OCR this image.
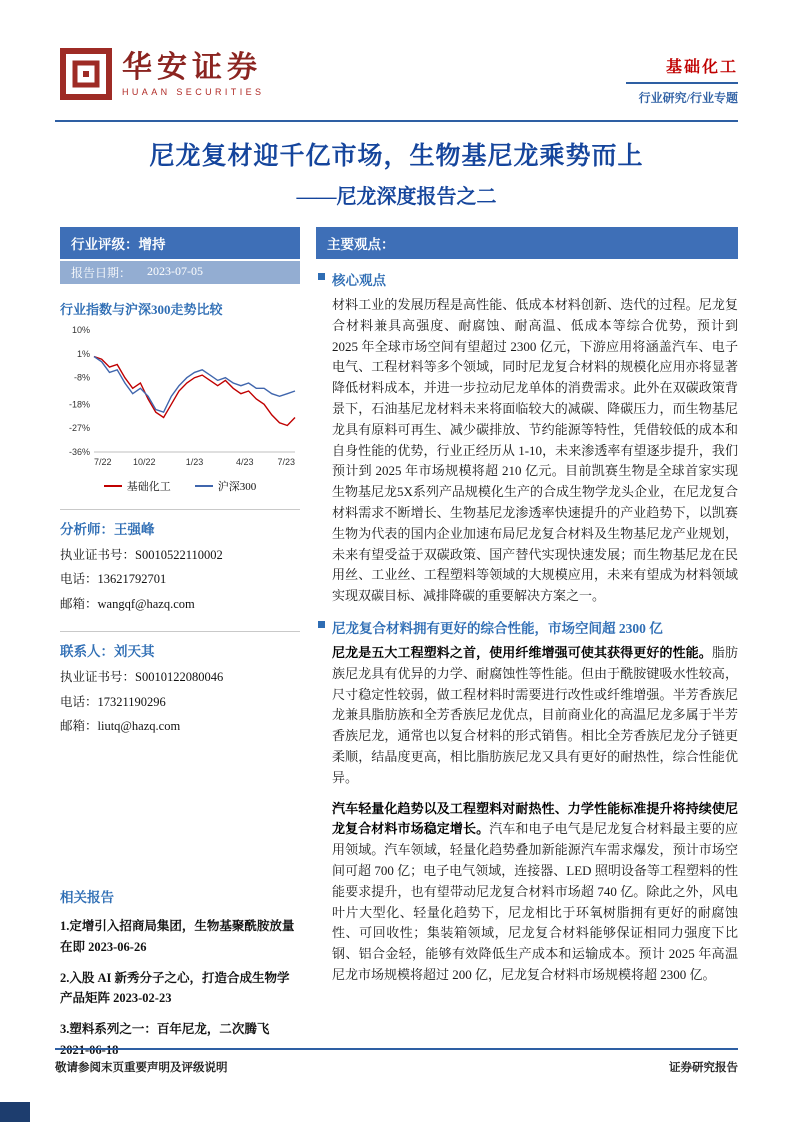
华安证券
HUAAN SECURITIES
基础化工
行业研究/行业专题
尼龙复材迎千亿市场，生物基尼龙乘势而上
——尼龙深度报告之二
行业评级：增持
报告日期： 2023-07-05
行业指数与沪深300走势比较
10%
1%
-8%
-18%
-27%
-36%
7/22 10/22	1/23	4/23	7/23
基础化工	沪深300
分析师：王强峰
执业证书号：S0010522110002
电话：13621792701
邮箱：wangqf@hazq.com
联系人：刘天其
执业证书号：S0010122080046
电话：17321190296
邮箱：liutq@hazq.com
相关报告
1.定增引入招商局集团，生物基聚酰胺放量在即 2023-06-26
2.入股 AI 新秀分子之心，打造合成生物学产品矩阵 2023-02-23
3.塑料系列之一：百年尼龙，二次腾飞 2021-06-18
主要观点：
核心观点

材料工业的发展历程是高性能、低成本材料创新、迭代的过程。尼龙复合材料兼具高强度、耐腐蚀、耐高温、低成本等综合优势，预计到 2025 年全球市场空间有望超过 2300 亿元，下游应用将涵盖汽车、电子电气、工程材料等多个领域，同时尼龙复合材料的规模化应用亦将显著降低材料成本，并进一步拉动尼龙单体的消费需求。此外在双碳政策背景下，石油基尼龙材料未来将面临较大的减碳、降碳压力，而生物基尼龙具有原料可再生、减少碳排放、节约能源等特性，凭借较低的成本和自身性能的优势，行业正经历从 1-10，未来渗透率有望逐步提升，我们预计到 2025 年市场规模将超 210 亿元。目前凯赛生物是全球首家实现生物基尼龙5X系列产品规模化生产的合成生物学龙头企业，在尼龙复合材料需求不断增长、生物基尼龙渗透率快速提升的产业趋势下，以凯赛生物为代表的国内企业加速布局尼龙复合材料及生物基尼龙产业规划，未来有望受益于双碳政策、国产替代实现快速发展；而生物基尼龙在民用丝、工业丝、工程塑料等领域的大规模应用，未来有望成为材料领域实现双碳目标、减排降碳的重要解决方案之一。

尼龙复合材料拥有更好的综合性能，市场空间超 2300 亿

尼龙是五大工程塑料之首，使用纤维增强可使其获得更好的性能。脂肪族尼龙具有优异的力学、耐腐蚀性等性能。但由于酰胺键吸水性较高，尺寸稳定性较弱，做工程材料时需要进行改性或纤维增强。半芳香族尼龙兼具脂肪族和全芳香族尼龙优点，目前商业化的高温尼龙多属于半芳香族尼龙，通常也以复合材料的形式销售。相比全芳香族尼龙分子链更柔顺，结晶度更高，相比脂肪族尼龙又具有更好的耐热性，综合性能优异。

汽车轻量化趋势以及工程塑料对耐热性、力学性能标准提升将持续使尼龙复合材料市场稳定增长。汽车和电子电气是尼龙复合材料最主要的应用领域。汽车领域，轻量化趋势叠加新能源汽车需求爆发，预计市场空间可超 700 亿；电子电气领域，连接器、LED 照明设备等工程塑料的性能要求提升，也有望带动尼龙复合材料市场超 740 亿。除此之外，风电叶片大型化、轻量化趋势下，尼龙相比于环氧树脂拥有更好的耐腐蚀性、可回收性；集装箱领域，尼龙复合材料能够保证相同力强度下比钢、铝合金轻，能够有效降低生产成本和运输成本。预计 2025 年高温尼龙市场规模将超过 200 亿，尼龙复合材料市场规模将超 2300 亿。

敬请参阅末页重要声明及评级说明	证券研究报告
